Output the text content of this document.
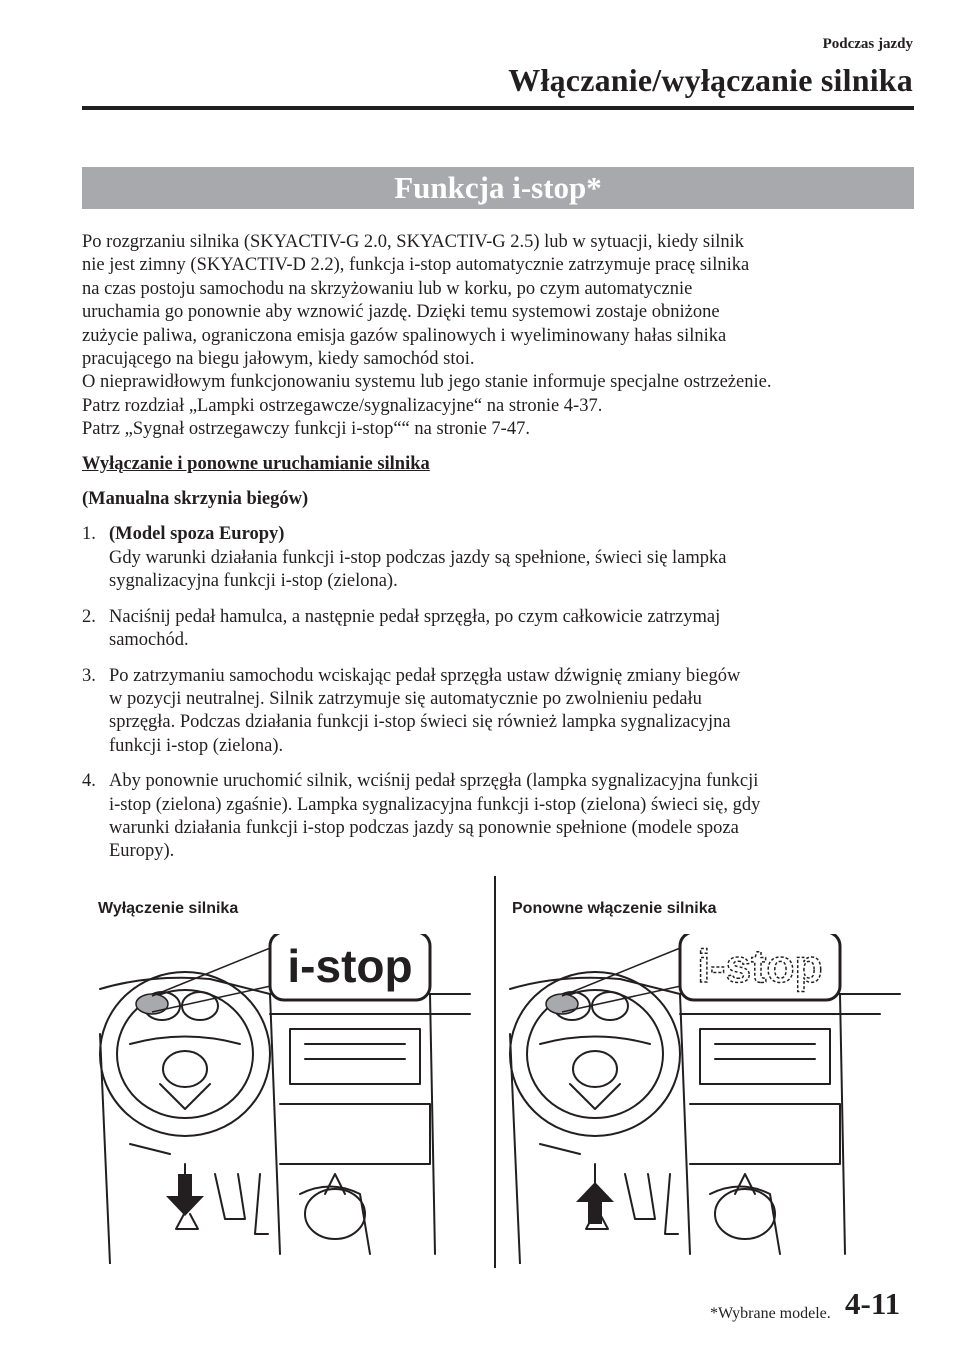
Podczas jazdy
Włączanie/wyłączanie silnika
Funkcja i-stop*

Po rozgrzaniu silnika (SKYACTIV-G 2.0, SKYACTIV-G 2.5) lub w sytuacji, kiedy silnik

nie jest zimny (SKYACTIV-D 2.2), funkcja i-stop automatycznie zatrzymuje pracę silnika

na czas postoju samochodu na skrzyżowaniu lub w korku, po czym automatycznie

uruchamia go ponownie aby wznowić jazdę. Dzięki temu systemowi zostaje obniżone

zużycie paliwa, ograniczona emisja gazów spalinowych i wyeliminowany hałas silnika

pracującego na biegu jałowym, kiedy samochód stoi.

O nieprawidłowym funkcjonowaniu systemu lub jego stanie informuje specjalne ostrzeżenie.

Patrz rozdział „Lampki ostrzegawcze/sygnalizacyjne“ na stronie 4-37.

Patrz „Sygnał ostrzegawczy funkcji i-stop““ na stronie 7-47.

Wyłączanie i ponowne uruchamianie silnika

(Manualna skrzynia biegów)

1. (Model spoza Europy)
Gdy warunki działania funkcji i-stop podczas jazdy są spełnione, świeci się lampka
sygnalizacyjna funkcji i-stop (zielona).
2. Naciśnij pedał hamulca, a następnie pedał sprzęgła, po czym całkowicie zatrzymaj
samochód.
3. Po zatrzymaniu samochodu wciskając pedał sprzęgła ustaw dźwignię zmiany biegów
w pozycji neutralnej. Silnik zatrzymuje się automatycznie po zwolnieniu pedału
sprzęgła. Podczas działania funkcji i-stop świeci się również lampka sygnalizacyjna
funkcji i-stop (zielona).
4. Aby ponownie uruchomić silnik, wciśnij pedał sprzęgła (lampka sygnalizacyjna funkcji
i-stop (zielona) zgaśnie). Lampka sygnalizacyjna funkcji i-stop (zielona) świeci się, gdy
warunki działania funkcji i-stop podczas jazdy są ponownie spełnione (modele spoza
Europy).
Wyłączenie silnika	Ponowne włączenie silnika
i-stop	i-stop
*Wybrane modele. 4-11
